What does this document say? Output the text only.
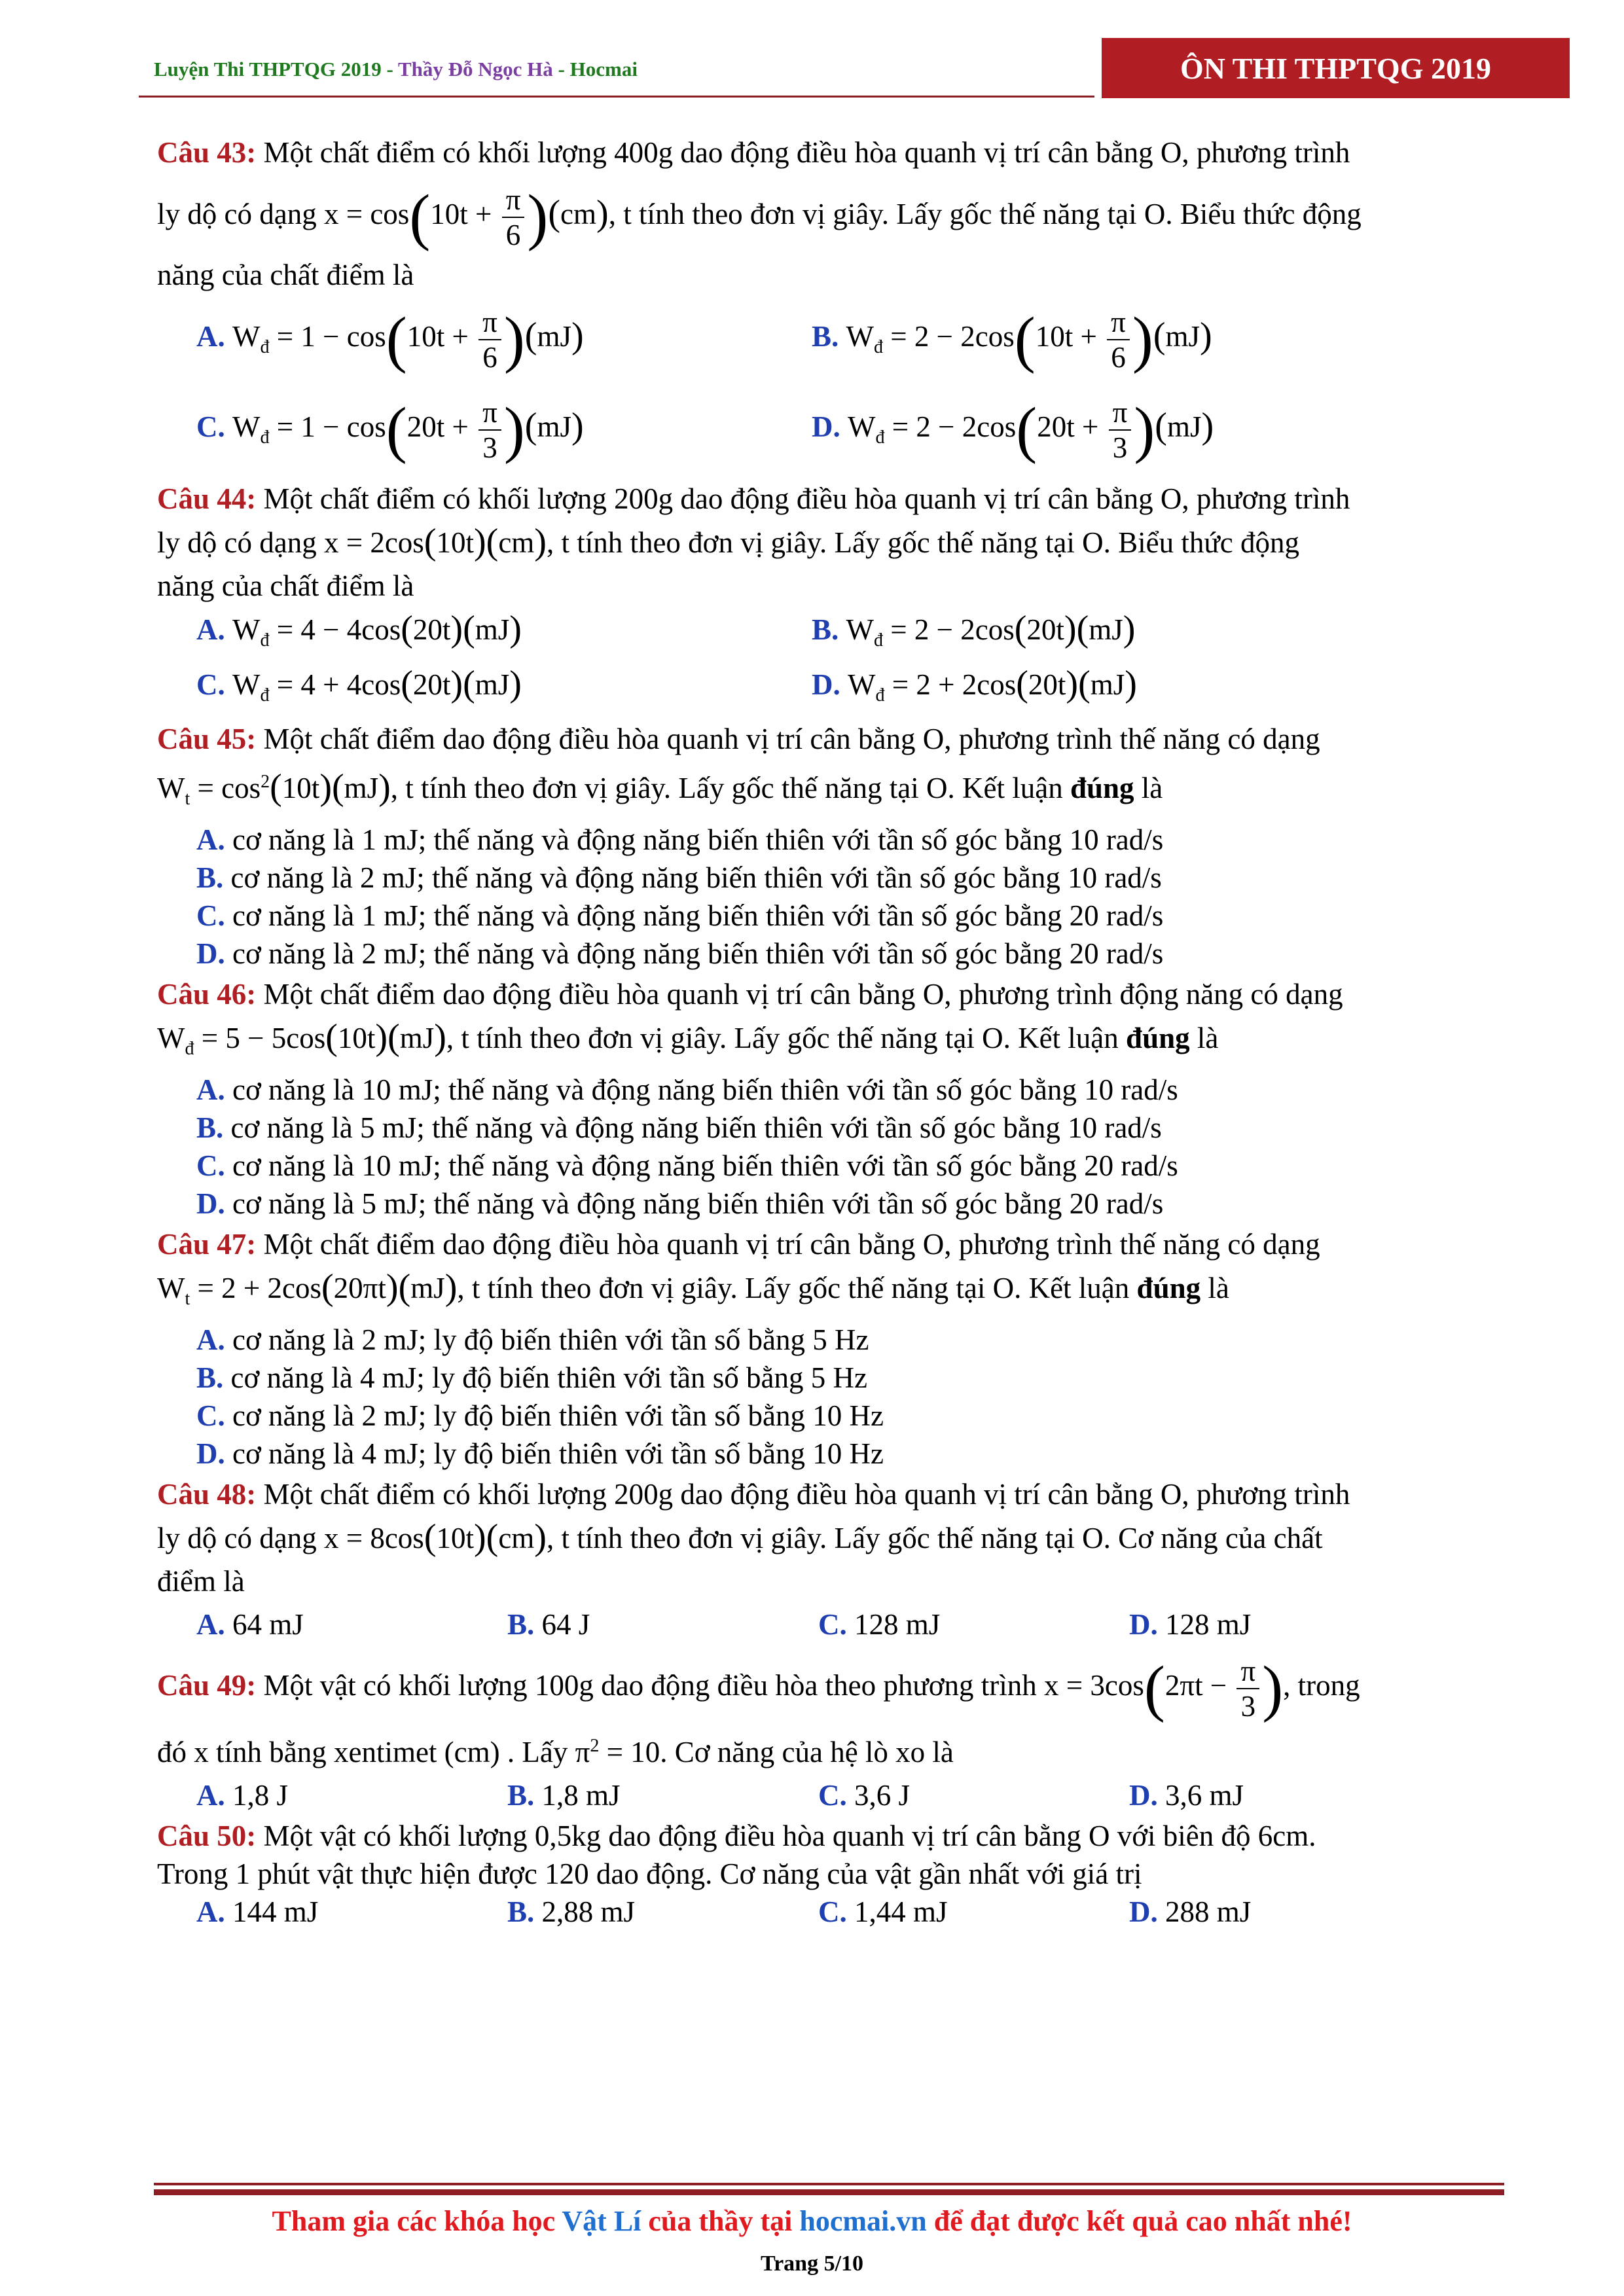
Luyện Thi THPTQG 2019 - Thầy Đỗ Ngọc Hà - Hocmai	ÔN THI THPTQG 2019
Câu 43: Một chất điểm có khối lượng 400g dao động điều hòa quanh vị trí cân bằng O, phương trình
ly dộ có dạng $x = \cos(10t + \frac{\pi}{6} )(cm)$, t tính theo đơn vị giây. Lấy gốc thế năng tại O. Biểu thức động
năng của chất điểm là
A. $W_đ = 1 - \cos(10t + \frac{\pi}{6} )(mJ)$	B. $W_đ = 2 - 2\cos(10t + \frac{\pi}{6} )(mJ)$
C. $W_đ = 1 - \cos(20t + \frac{\pi}{3} )(mJ)$	D. $W_đ = 2 - 2\cos(20t + \frac{\pi}{3} )(mJ)$
Câu 44: Một chất điểm có khối lượng 200g dao động điều hòa quanh vị trí cân bằng O, phương trình
ly dộ có dạng x = 2cos(10t)(cm), t tính theo đơn vị giây. Lấy gốc thế năng tại O. Biểu thức động
năng của chất điểm là
A. $W_đ = 4 - 4\cos(20t)(mJ)$	B. $W_đ = 2 - 2\cos(20t)(mJ)$
C. $W_đ = 4 + 4\cos(20t)(mJ)$	D. $W_đ = 2 + 2\cos(20t)(mJ)$
Câu 45: Một chất điểm dao động điều hòa quanh vị trí cân bằng O, phương trình thế năng có dạng
$W_t = \cos^2(10t)(mJ)$, t tính theo đơn vị giây. Lấy gốc thế năng tại O. Kết luận đúng là
A. cơ năng là 1 mJ; thế năng và động năng biến thiên với tần số góc bằng 10 rad/s
B. cơ năng là 2 mJ; thế năng và động năng biến thiên với tần số góc bằng 10 rad/s
C. cơ năng là 1 mJ; thế năng và động năng biến thiên với tần số góc bằng 20 rad/s
D. cơ năng là 2 mJ; thế năng và động năng biến thiên với tần số góc bằng 20 rad/s
Câu 46: Một chất điểm dao động điều hòa quanh vị trí cân bằng O, phương trình động năng có dạng
$W_đ = 5 - 5\cos(10t)(mJ)$, t tính theo đơn vị giây. Lấy gốc thế năng tại O. Kết luận đúng là
A. cơ năng là 10 mJ; thế năng và động năng biến thiên với tần số góc bằng 10 rad/s
B. cơ năng là 5 mJ; thế năng và động năng biến thiên với tần số góc bằng 10 rad/s
C. cơ năng là 10 mJ; thế năng và động năng biến thiên với tần số góc bằng 20 rad/s
D. cơ năng là 5 mJ; thế năng và động năng biến thiên với tần số góc bằng 20 rad/s
Câu 47: Một chất điểm dao động điều hòa quanh vị trí cân bằng O, phương trình thế năng có dạng
$W_t = 2 + 2\cos(20\pi t)(mJ)$, t tính theo đơn vị giây. Lấy gốc thế năng tại O. Kết luận đúng là
A. cơ năng là 2 mJ; ly độ biến thiên với tần số bằng 5 Hz
B. cơ năng là 4 mJ; ly độ biến thiên với tần số bằng 5 Hz
C. cơ năng là 2 mJ; ly độ biến thiên với tần số bằng 10 Hz
D. cơ năng là 4 mJ; ly độ biến thiên với tần số bằng 10 Hz
Câu 48: Một chất điểm có khối lượng 200g dao động điều hòa quanh vị trí cân bằng O, phương trình
ly dộ có dạng x = 8cos(10t)(cm), t tính theo đơn vị giây. Lấy gốc thế năng tại O. Cơ năng của chất
điểm là
A. 64 mJ	B. 64 J	C. 128 mJ	D. 128 mJ
Câu 49: Một vật có khối lượng 100g dao động điều hòa theo phương trình $x = 3\cos(2\pi t - \frac{\pi}{3}$ ), trong
đó x tính bằng xentimet (cm) . Lấy $\pi^2 = 10$. Cơ năng của hệ lò xo là
A. 1,8 J	B. 1,8 mJ	C. 3,6 J	D. 3,6 mJ
Câu 50: Một vật có khối lượng 0,5kg dao động điều hòa quanh vị trí cân bằng O với biên độ 6cm.
Trong 1 phút vật thực hiện được 120 dao động. Cơ năng của vật gần nhất với giá trị
A. 144 mJ	B. 2,88 mJ	C. 1,44 mJ	D. 288 mJ
Tham gia các khóa học Vật Lí của thầy tại hocmai.vn để đạt được kết quả cao nhất nhé!
Trang 5/10
